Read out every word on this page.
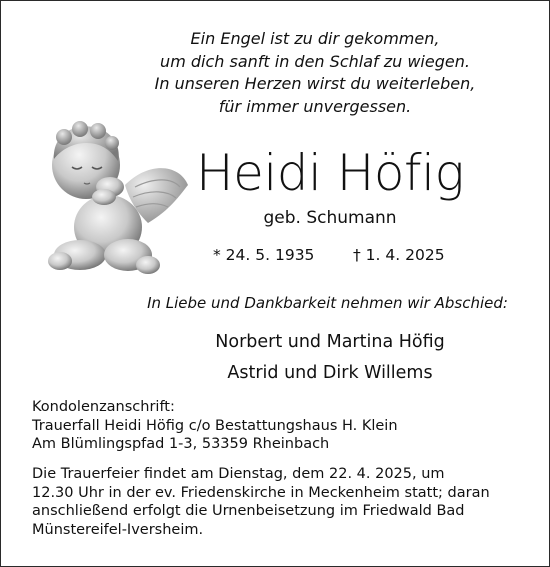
Ein Engel ist zu dir gekommen,
um dich sanft in den Schlaf zu wiegen.
In unseren Herzen wirst du weiterleben,
für immer unvergessen.
Heidi Höfig
geb. Schumann
* 24. 5. 1935 † 1. 4. 2025
In Liebe und Dankbarkeit nehmen wir Abschied:
Norbert und Martina Höfig
Astrid und Dirk Willems
Kondolenzanschrift:
Trauerfall Heidi Höfig c/o Bestattungshaus H. Klein
Am Blümlingspfad 1-3, 53359 Rheinbach
Die Trauerfeier findet am Dienstag, dem 22. 4. 2025, um
12.30 Uhr in der ev. Friedenskirche in Meckenheim statt; daran
anschließend erfolgt die Urnenbeisetzung im Friedwald Bad
Münstereifel-Iversheim.
